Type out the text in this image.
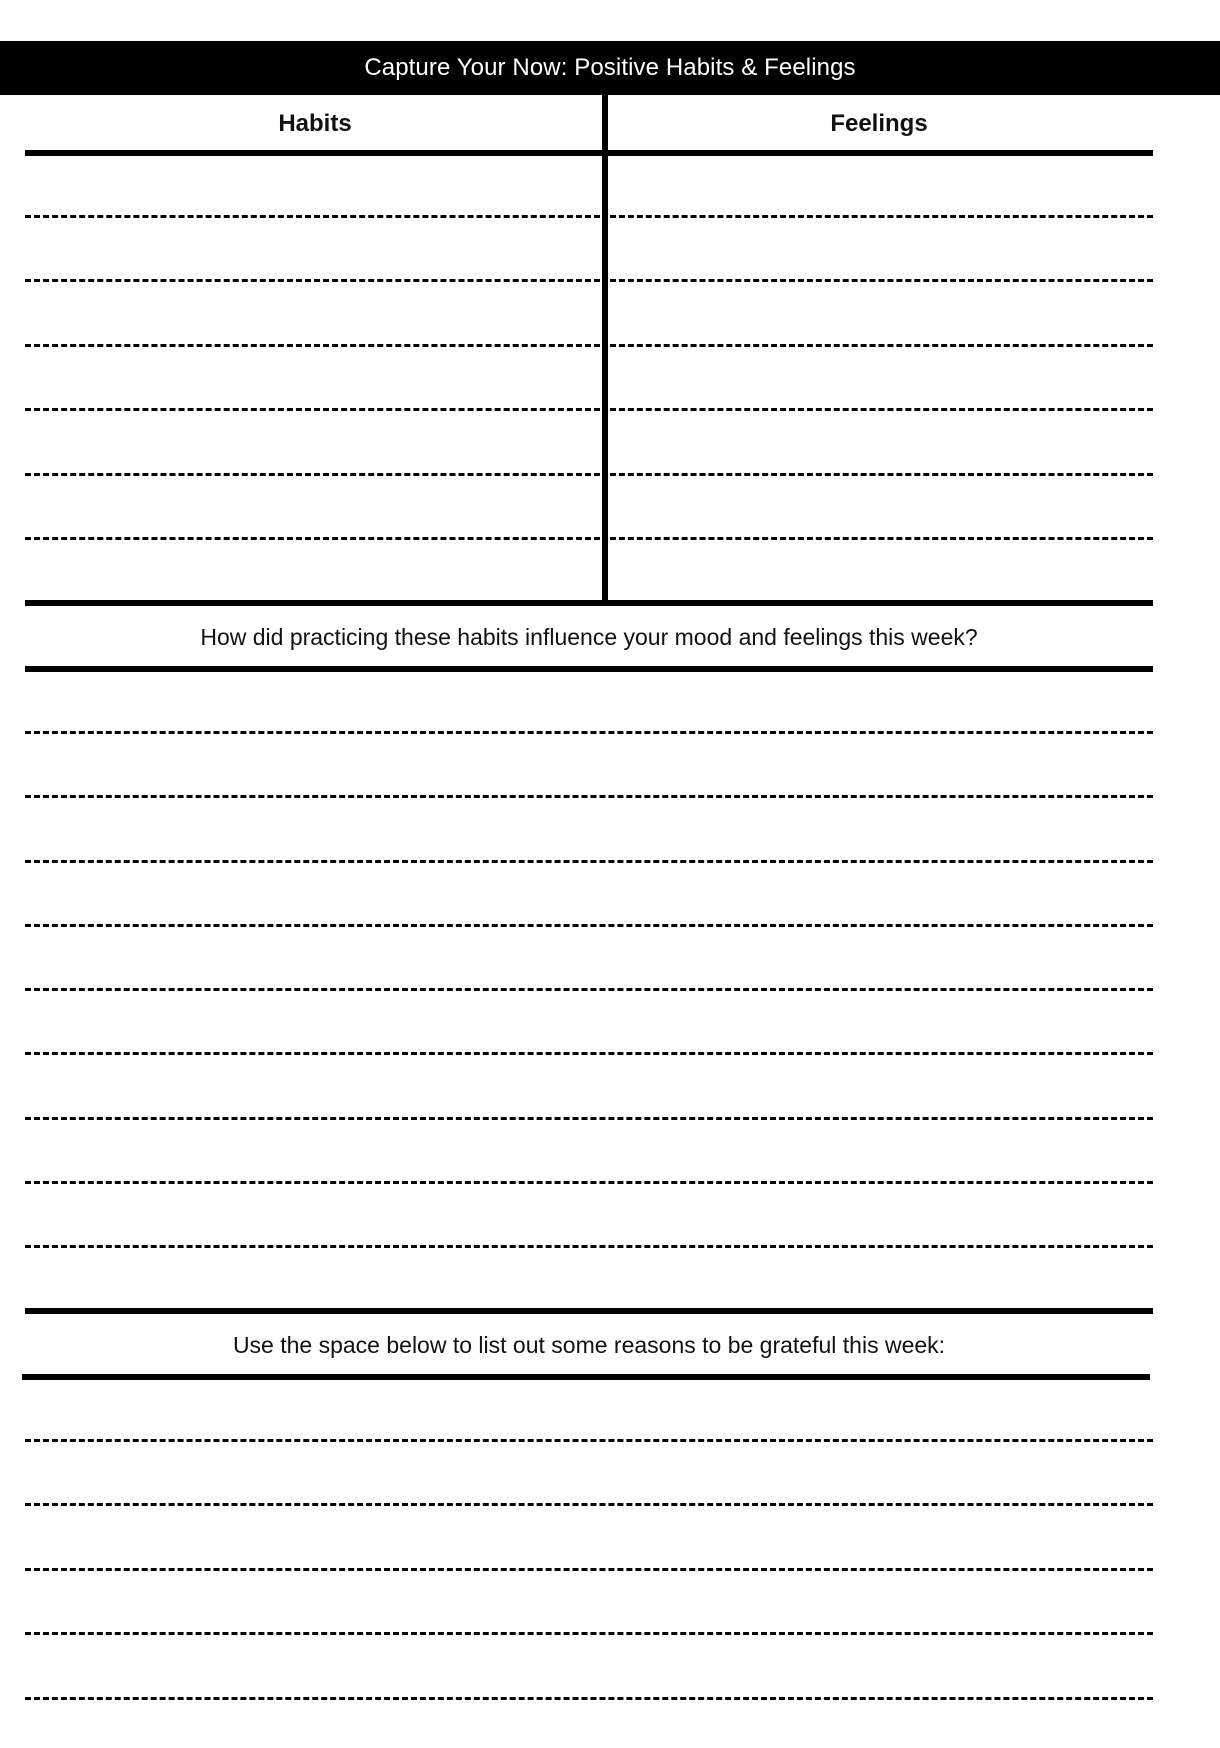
Capture Your Now: Positive Habits & Feelings
Habits	Feelings
How did practicing these habits influence your mood and feelings this week?
Use the space below to list out some reasons to be grateful this week:
